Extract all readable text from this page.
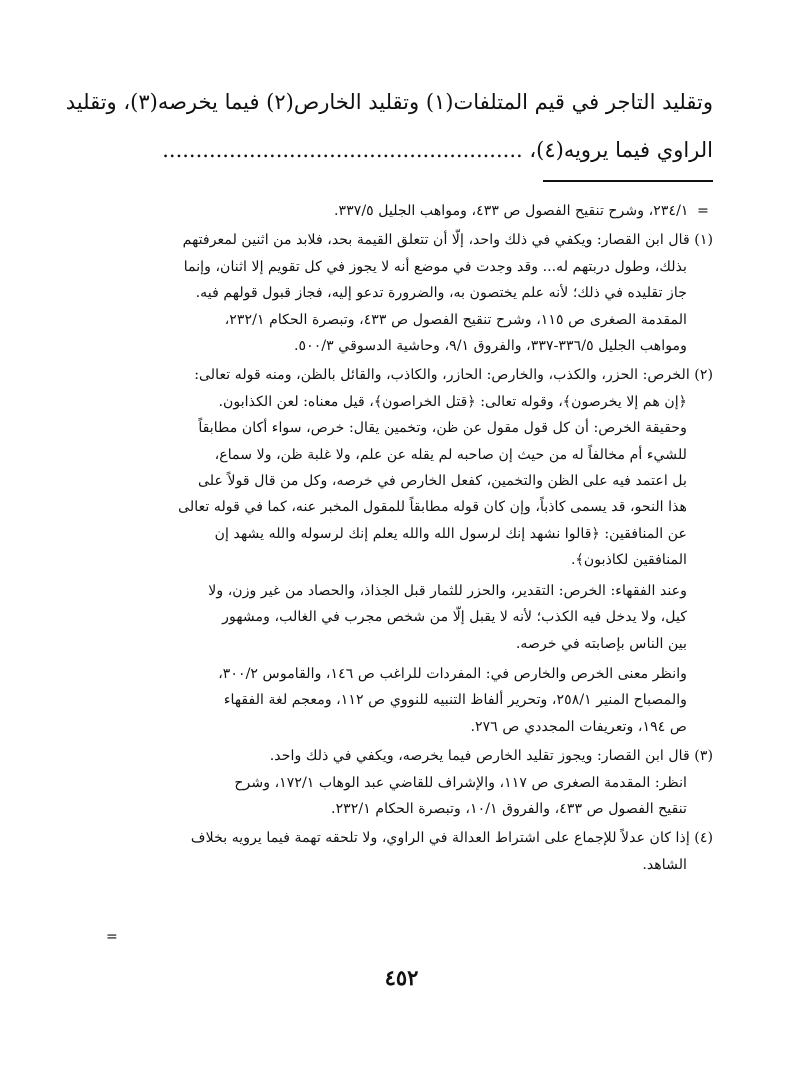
وتقليد التاجر في قيم المتلفات(١) وتقليد الخارص(٢) فيما يخرصه(٣)، وتقليد
الراوي فيما يرويه(٤)، ......................................................
= ٢٣٤/١، وشرح تنقيح الفصول ص ٤٣٣، ومواهب الجليل ٣٣٧/٥.
(١) قال ابن القصار: ويكفي في ذلك واحد، إلّا أن تتعلق القيمة بحد، فلابد من اثنين لمعرفتهم
بذلك، وطول دربتهم له... وقد وجدت في موضع أنه لا يجوز في كل تقويم إلا اثنان، وإنما
جاز تقليده في ذلك؛ لأنه علم يختصون به، والضرورة تدعو إليه، فجاز قبول قولهم فيه.
المقدمة الصغرى ص ١١٥، وشرح تنقيح الفصول ص ٤٣٣، وتبصرة الحكام ٢٣٢/١،
ومواهب الجليل ٣٣٦/٥-٣٣٧، والفروق ٩/١، وحاشية الدسوقي ٥٠٠/٣.
(٢) الخرص: الحزر، والكذب، والخارص: الحازر، والكاذب، والقائل بالظن، ومنه قوله تعالى:
﴿إن هم إلا يخرصون﴾، وقوله تعالى: ﴿قتل الخراصون﴾، قيل معناه: لعن الكذابون.
وحقيقة الخرص: أن كل قول مقول عن ظن، وتخمين يقال: خرص، سواء أكان مطابقاً
للشيء أم مخالفاً له من حيث إن صاحبه لم يقله عن علم، ولا غلبة ظن، ولا سماع،
بل اعتمد فيه على الظن والتخمين، كفعل الخارص في خرصه، وكل من قال قولاً على
هذا النحو، قد يسمى كاذباً، وإن كان قوله مطابقاً للمقول المخبر عنه، كما في قوله تعالى
عن المنافقين: ﴿قالوا نشهد إنك لرسول الله والله يعلم إنك لرسوله والله يشهد إن
المنافقين لكاذبون﴾.
وعند الفقهاء: الخرص: التقدير، والحزر للثمار قبل الجذاذ، والحصاد من غير وزن، ولا
كيل، ولا يدخل فيه الكذب؛ لأنه لا يقبل إلّا من شخص مجرب في الغالب، ومشهور
بين الناس بإصابته في خرصه.
وانظر معنى الخرص والخارص في: المفردات للراغب ص ١٤٦، والقاموس ٣٠٠/٢،
والمصباح المنير ٢٥٨/١، وتحرير ألفاظ التنبيه للنووي ص ١١٢، ومعجم لغة الفقهاء
ص ١٩٤، وتعريفات المجددي ص ٢٧٦.
(٣) قال ابن القصار: ويجوز تقليد الخارص فيما يخرصه، ويكفي في ذلك واحد.
انظر: المقدمة الصغرى ص ١١٧، والإشراف للقاضي عبد الوهاب ١٧٢/١، وشرح
تنقيح الفصول ص ٤٣٣، والفروق ١٠/١، وتبصرة الحكام ٢٣٢/١.
(٤) إذا كان عدلاً للإجماع على اشتراط العدالة في الراوي، ولا تلحقه تهمة فيما يرويه بخلاف
الشاهد.
=
٤٥٢
